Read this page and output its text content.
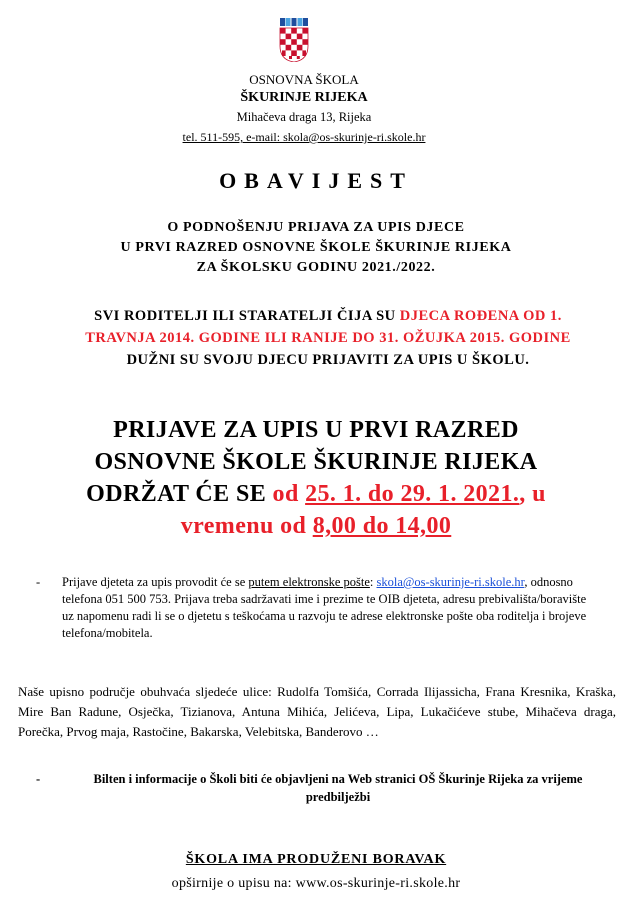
OSNOVNA ŠKOLA
ŠKURINJE RIJEKA
Mihačeva draga 13, Rijeka
tel. 511-595, e-mail: skola@os-skurinje-ri.skole.hr
OBAVIJEST
O PODNOŠENJU PRIJAVA ZA UPIS DJECE
U PRVI RAZRED OSNOVNE ŠKOLE ŠKURINJE RIJEKA
ZA ŠKOLSKU GODINU 2021./2022.
SVI RODITELJI ILI STARATELJI ČIJA SU DJECA ROĐENA OD 1. TRAVNJA 2014. GODINE ILI RANIJE DO 31. OŽUJKA 2015. GODINE DUŽNI SU SVOJU DJECU PRIJAVITI ZA UPIS U ŠKOLU.
PRIJAVE ZA UPIS U PRVI RAZRED
OSNOVNE ŠKOLE ŠKURINJE RIJEKA
ODRŽAT ĆE SE od 25. 1. do 29. 1. 2021., u
vremenu od 8,00 do 14,00
-	Prijave djeteta za upis provodit će se putem elektronske pošte: skola@os-skurinje-ri.skole.hr, odnosno telefona 051 500 753. Prijava treba sadržavati ime i prezime te OIB djeteta, adresu prebivališta/boravište uz napomenu radi li se o djetetu s teškoćama u razvoju te adrese elektronske pošte oba roditelja i brojeve telefona/mobitela.
Naše upisno područje obuhvaća sljedeće ulice: Rudolfa Tomšića, Corrada Ilijassicha, Frana Kresnika, Kraška, Mire Ban Radune, Osječka, Tizianova, Antuna Mihića, Jelićeva, Lipa, Lukačićeve stube, Mihačeva draga, Porečka, Prvog maja, Rastočine, Bakarska, Velebitska, Banderovo …
-	Bilten i informacije o Školi biti će objavljeni na Web stranici OŠ Škurinje Rijeka za vrijeme predbilježbi
ŠKOLA IMA PRODUŽENI BORAVAK
opširnije o upisu na: www.os-skurinje-ri.skole.hr
